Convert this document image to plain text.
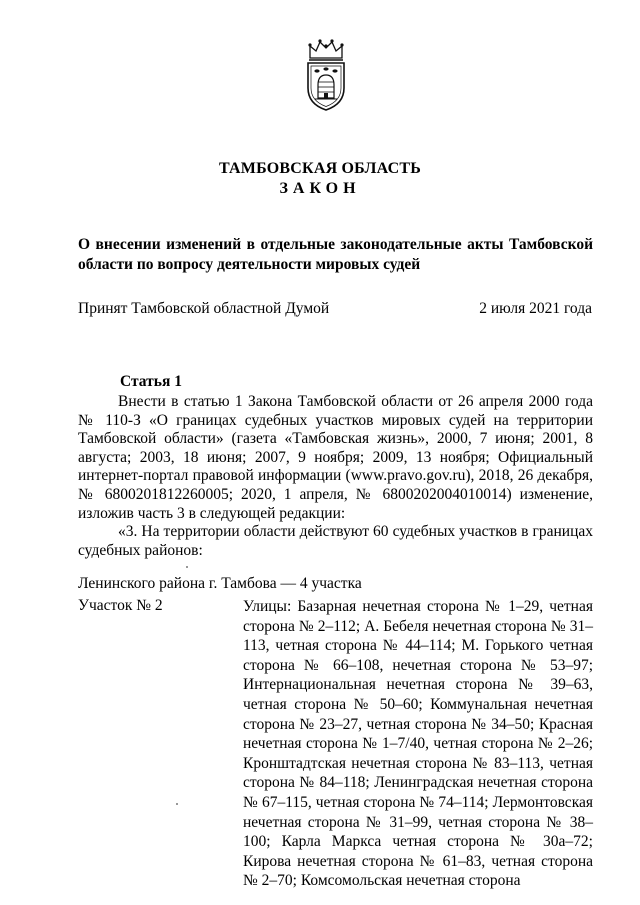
ТАМБОВСКАЯ ОБЛАСТЬ
ЗАКОН
О внесении изменений в отдельные законодательные акты Тамбовской области по вопросу деятельности мировых судей
Принят Тамбовской областной Думой	2 июля 2021 года
Статья 1

Внести в статью 1 Закона Тамбовской области от 26 апреля 2000 года № 110-З «О границах судебных участков мировых судей на территории Тамбовской области» (газета «Тамбовская жизнь», 2000, 7 июня; 2001, 8 августа; 2003, 18 июня; 2007, 9 ноября; 2009, 13 ноября; Официальный интернет-портал правовой информации (www.pravo.gov.ru), 2018, 26 декабря, № 6800201812260005; 2020, 1 апреля, № 6800202004010014) изменение, изложив часть 3 в следующей редакции:

«3. На территории области действуют 60 судебных участков в границах судебных районов:

Ленинского района г. Тамбова — 4 участка
Участок № 2	Улицы: Базарная нечетная сторона № 1–29, четная сторона № 2–112; А. Бебеля нечетная сторона № 31–113, четная сторона № 44–114; М. Горького четная сторона № 66–108, нечетная сторона № 53–97; Интернациональная нечетная сторона № 39–63, четная сторона № 50–60; Коммунальная нечетная сторона № 23–27, четная сторона № 34–50; Красная нечетная сторона № 1–7/40, четная сторона № 2–26; Кронштадтская нечетная сторона № 83–113, четная сторона № 84–118; Ленинградская нечетная сторона № 67–115, четная сторона № 74–114; Лермонтовская нечетная сторона № 31–99, четная сторона № 38–100; Карла Маркса четная сторона № 30а–72; Кирова нечетная сторона № 61–83, четная сторона № 2–70; Комсомольская нечетная сторона
